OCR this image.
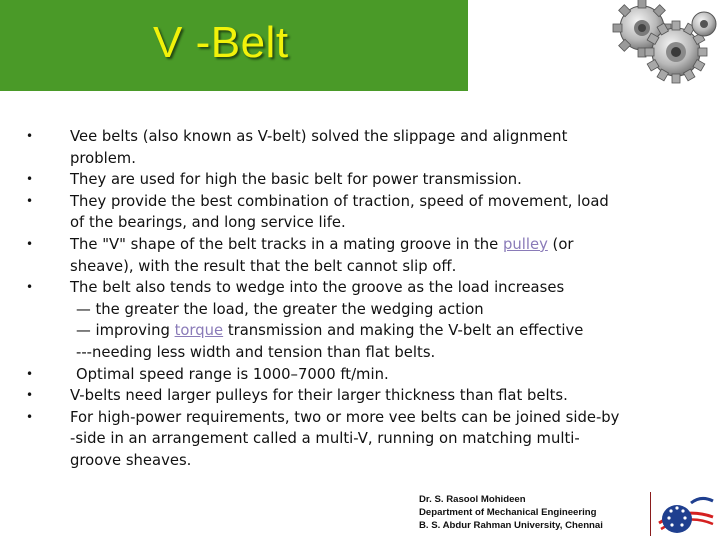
V -Belt
•	Vee belts (also known as V-belt) solved the slippage and alignment
problem.
•	They are used for high the basic belt for power transmission.
•	They provide the best combination of traction, speed of movement, load
of the bearings, and long service life.
•	The "V" shape of the belt tracks in a mating groove in the pulley (or
sheave), with the result that the belt cannot slip off.
•	The belt also tends to wedge into the groove as the load increases
— the greater the load, the greater the wedging action
— improving torque transmission and making the V-belt an effective
---needing less width and tension than flat belts.
•	Optimal speed range is 1000–7000 ft/min.
•	V-belts need larger pulleys for their larger thickness than flat belts.
•	For high-power requirements, two or more vee belts can be joined side-by
-side in an arrangement called a multi-V, running on matching multi-
groove sheaves.
Dr. S. Rasool Mohideen
Department of Mechanical Engineering
B. S. Abdur Rahman University, Chennai
